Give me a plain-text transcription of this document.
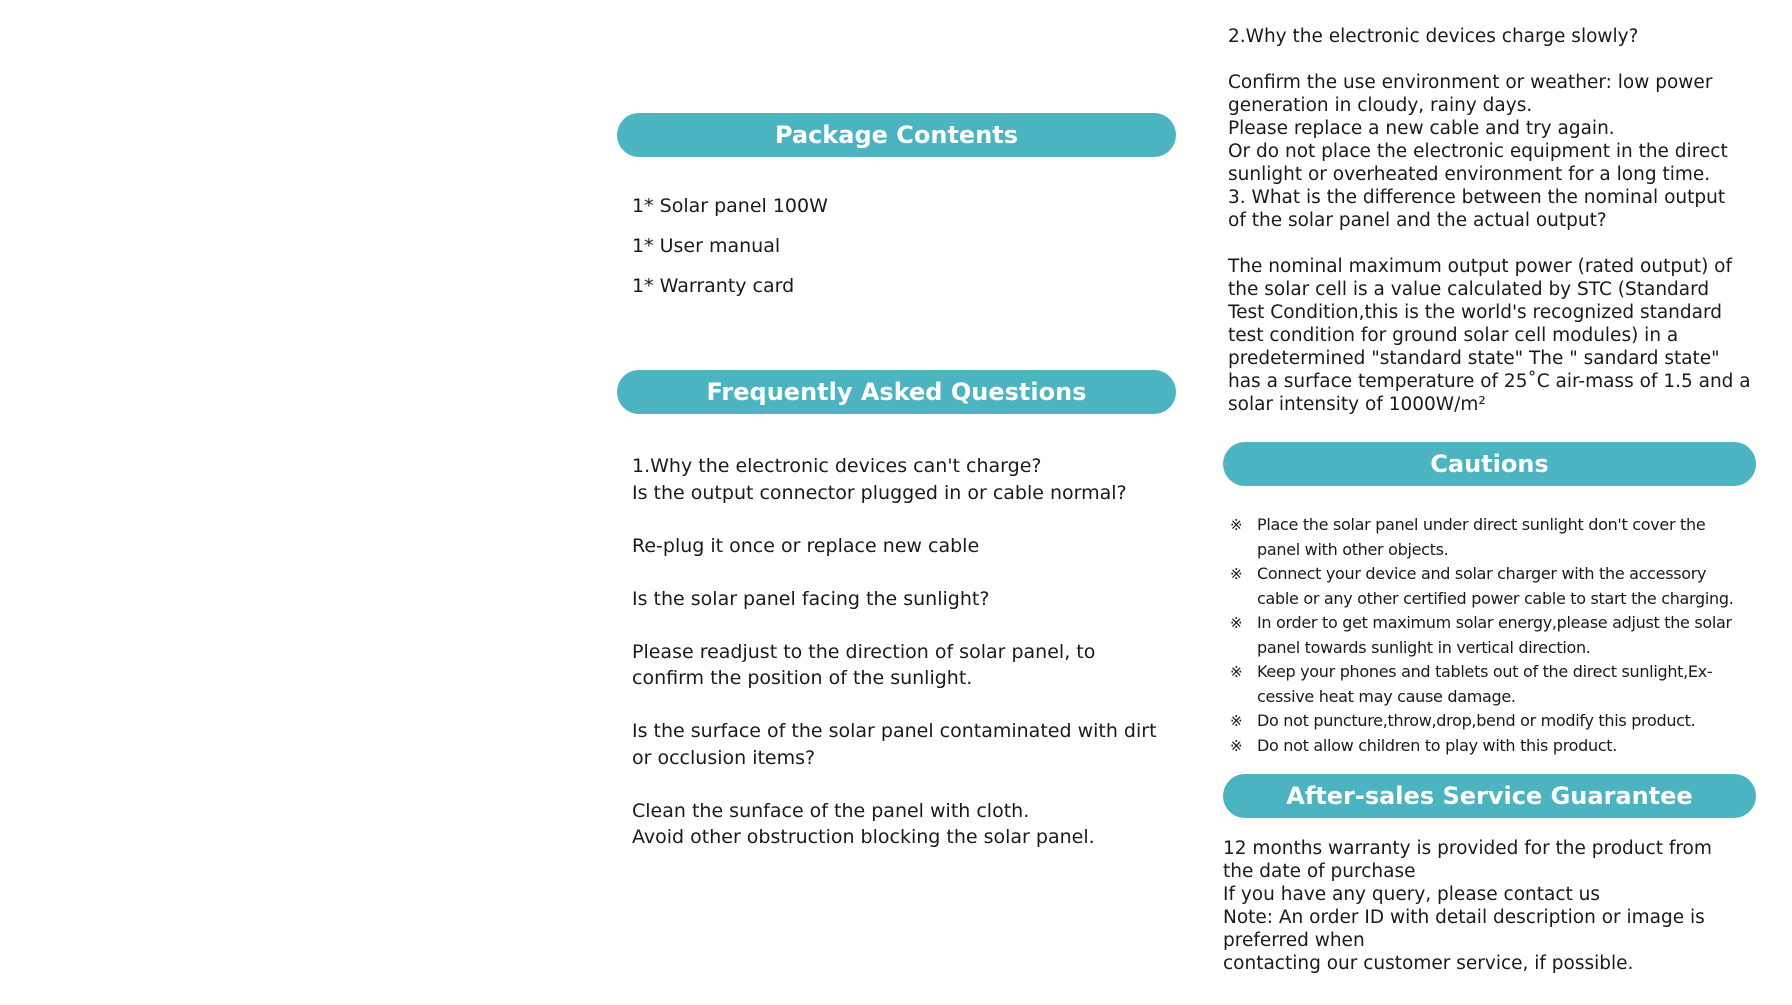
Package Contents
1* Solar panel 100W
1* User manual
1* Warranty card
Frequently Asked Questions
1.Why the electronic devices can't charge?
Is the output connector plugged in or cable normal?
Re-plug it once or replace new cable
Is the solar panel facing the sunlight?
Please readjust to the direction of solar panel, to
confirm the position of the sunlight.
Is the surface of the solar panel contaminated with dirt
or occlusion items?
Clean the sunface of the panel with cloth.
Avoid other obstruction blocking the solar panel.
2.Why the electronic devices charge slowly?
Confirm the use environment or weather: low power
generation in cloudy, rainy days.
Please replace a new cable and try again.
Or do not place the electronic equipment in the direct
sunlight or overheated environment for a long time.
3. What is the difference between the nominal output
of the solar panel and the actual output?
The nominal maximum output power (rated output) of
the solar cell is a value calculated by STC (Standard
Test Condition,this is the world's recognized standard
test condition for ground solar cell modules) in a
predetermined "standard state" The " sandard state"
has a surface temperature of 25˚C air-mass of 1.5 and a
solar intensity of 1000W/m²
Cautions
※ Place the solar panel under direct sunlight don't cover the
panel with other objects.
※ Connect your device and solar charger with the accessory
cable or any other certified power cable to start the charging.
※ In order to get maximum solar energy,please adjust the solar
panel towards sunlight in vertical direction.
※ Keep your phones and tablets out of the direct sunlight,Ex-
cessive heat may cause damage.
※ Do not puncture,throw,drop,bend or modify this product.
※ Do not allow children to play with this product.
After-sales Service Guarantee
12 months warranty is provided for the product from
the date of purchase
If you have any query, please contact us
Note: An order ID with detail description or image is
preferred when
contacting our customer service, if possible.
